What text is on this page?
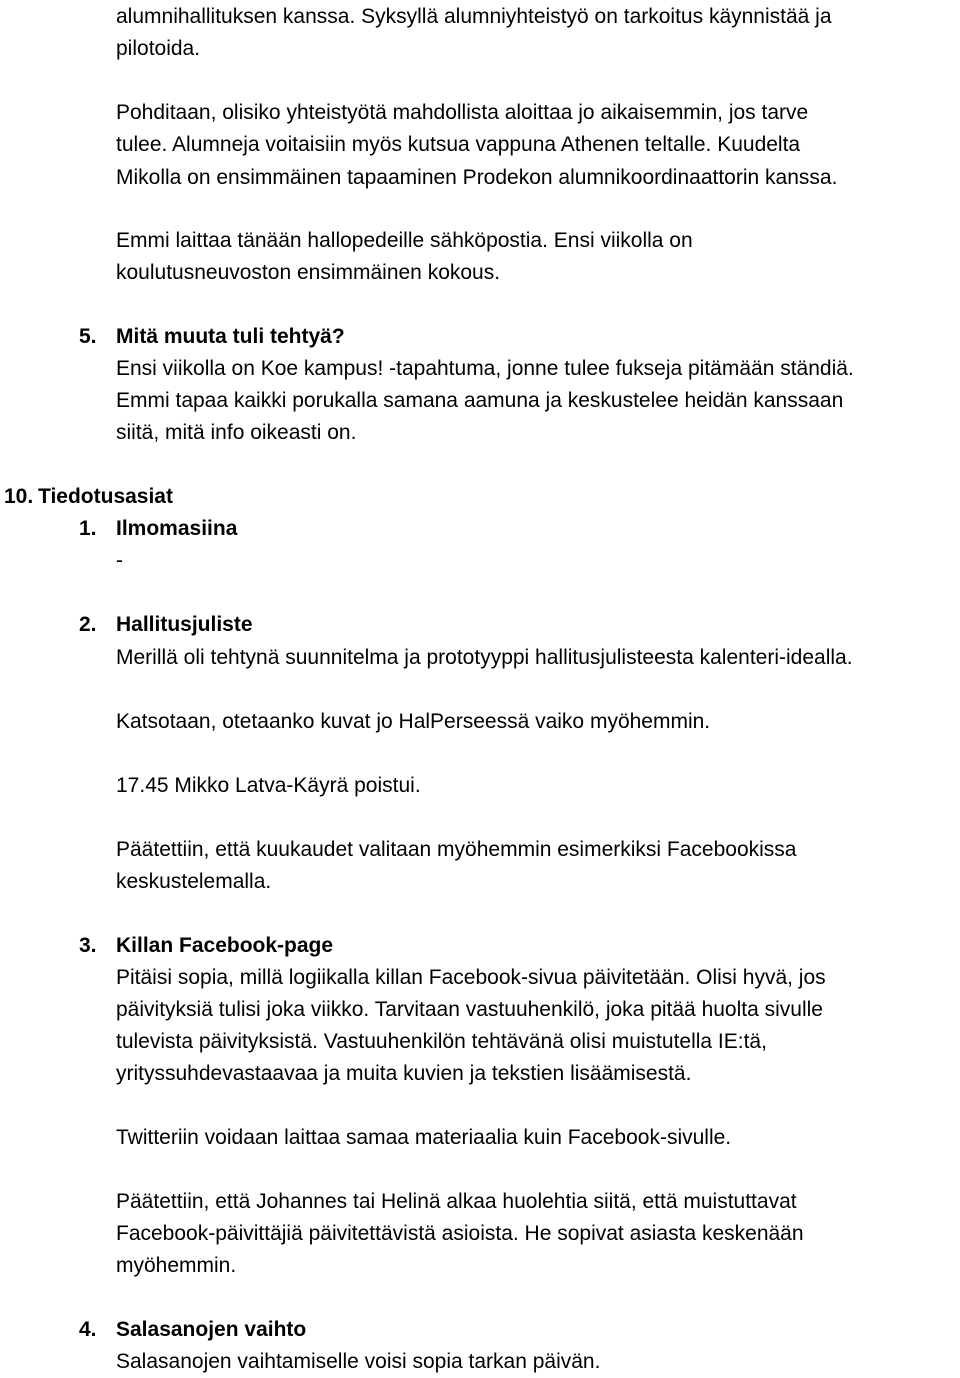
alumnihallituksen kanssa. Syksyllä alumniyhteistyö on tarkoitus käynnistää ja

pilotoida.

Pohditaan, olisiko yhteistyötä mahdollista aloittaa jo aikaisemmin, jos tarve

tulee. Alumneja voitaisiin myös kutsua vappuna Athenen teltalle. Kuudelta

Mikolla on ensimmäinen tapaaminen Prodekon alumnikoordinaattorin kanssa.

Emmi laittaa tänään hallopedeille sähköpostia. Ensi viikolla on

koulutusneuvoston ensimmäinen kokous.

5. Mitä muuta tuli tehtyä?

Ensi viikolla on Koe kampus! -tapahtuma, jonne tulee fukseja pitämään ständiä.

Emmi tapaa kaikki porukalla samana aamuna ja keskustelee heidän kanssaan

siitä, mitä info oikeasti on.

10. Tiedotusasiat

1. Ilmomasiina

-

2. Hallitusjuliste

Merillä oli tehtynä suunnitelma ja prototyyppi hallitusjulisteesta kalenteri-idealla.

Katsotaan, otetaanko kuvat jo HalPerseessä vaiko myöhemmin.

17.45 Mikko Latva-Käyrä poistui.

Päätettiin, että kuukaudet valitaan myöhemmin esimerkiksi Facebookissa

keskustelemalla.

3. Killan Facebook-page

Pitäisi sopia, millä logiikalla killan Facebook-sivua päivitetään. Olisi hyvä, jos

päivityksiä tulisi joka viikko. Tarvitaan vastuuhenkilö, joka pitää huolta sivulle

tulevista päivityksistä. Vastuuhenkilön tehtävänä olisi muistutella IE:tä,

yrityssuhdevastaavaa ja muita kuvien ja tekstien lisäämisestä.

Twitteriin voidaan laittaa samaa materiaalia kuin Facebook-sivulle.

Päätettiin, että Johannes tai Helinä alkaa huolehtia siitä, että muistuttavat

Facebook-päivittäjiä päivitettävistä asioista. He sopivat asiasta keskenään

myöhemmin.

4. Salasanojen vaihto

Salasanojen vaihtamiselle voisi sopia tarkan päivän.
